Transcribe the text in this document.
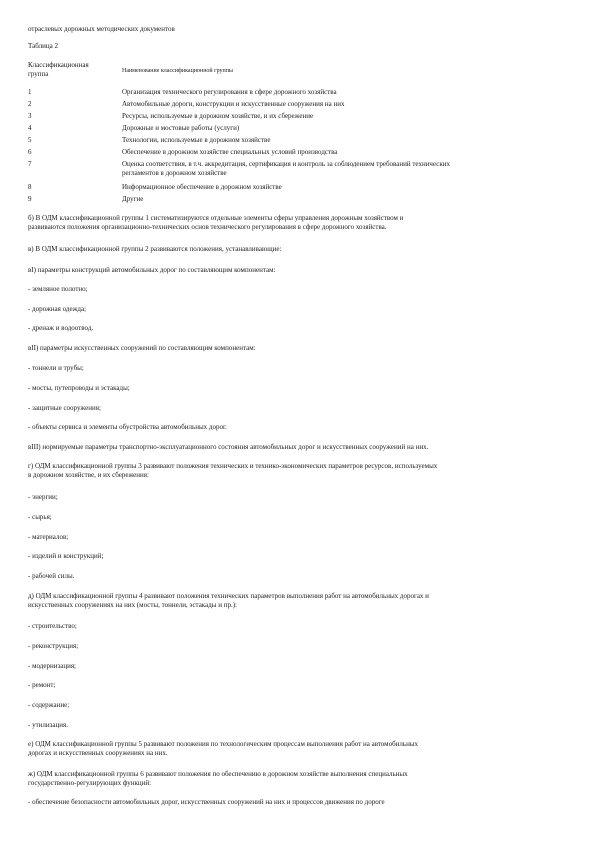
отраслевых дорожных методических документов
Таблица 2
Классификационная
группа	Наименование классификационной группы
1	Организация технического регулирования в сфере дорожного хозяйства
2	Автомобильные дороги, конструкции и искусственные сооружения на них
3	Ресурсы, используемые в дорожном хозяйстве, и их сбережение
4	Дорожные и мостовые работы (услуги)
5	Технологии, используемые в дорожном хозяйстве
6	Обеспечение в дорожном хозяйстве специальных условий производства
7	Оценка соответствия, в т.ч. аккредитация, сертификация и контроль за соблюдением требований технических
регламентов в дорожном хозяйстве
8	Информационное обеспечение в дорожном хозяйстве
9	Другие
б) В ОДМ классификационной группы 1 систематизируются отдельные элементы сферы управления дорожным хозяйством и
развиваются положения организационно-технических основ технического регулирования в сфере дорожного хозяйства.
в) В ОДМ классификационной группы 2 развиваются положения, устанавливающие:
вI) параметры конструкций автомобильных дорог по составляющим компонентам:
- земляное полотно;
- дорожная одежда;
- дренаж и водоотвод.
вII) параметры искусственных сооружений по составляющим компонентам:
- тоннели и трубы;
- мосты, путепроводы и эстакады;
- защитные сооружения;
- объекты сервиса и элементы обустройства автомобильных дорог.
вIII) нормируемые параметры транспортно-эксплуатационного состояния автомобильных дорог и искусственных сооружений на них.
г) ОДМ классификационной группы 3 развивают положения технических и технико-экономических параметров ресурсов, используемых
в дорожном хозяйстве, и их сбережения:
- энергии;
- сырья;
- материалов;
- изделий и конструкций;
- рабочей силы.
д) ОДМ классификационной группы 4 развивают положения технических параметров выполнения работ на автомобильных дорогах и
искусственных сооружениях на них (мосты, тоннели, эстакады и пр.):
- строительство;
- реконструкция;
- модернизация;
- ремонт;
- содержание;
- утилизация.
е) ОДМ классификационной группы 5 развивают положения по технологическим процессам выполнения работ на автомобильных
дорогах и искусственных сооружениях на них.
ж) ОДМ классификационной группы 6 развивают положения по обеспечению в дорожном хозяйстве выполнения специальных
государственно-регулирующих функций:
- обеспечение безопасности автомобильных дорог, искусственных сооружений на них и процессов движения по дороге
